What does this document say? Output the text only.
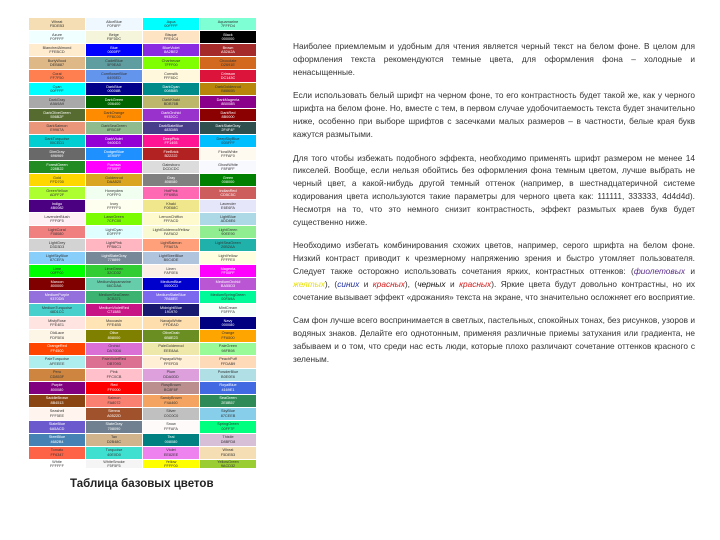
Wheat
F5DEB3
AliceBlue
F0F8FF
Aqua
00FFFF
Aquamarine
7FFFD4
Azure
F0FFFF
Beige
F5F5DC
Bisque
FFE4C4
Black
000000
BlanchedAlmond
FFEBCD
Blue
0000FF
BlueViolet
8A2BE2
Brown
A52A2A
BurlyWood
DEB887
CadetBlue
5F9EA0
Chartreuse
7FFF00
Chocolate
D2691E
Coral
FF7F50
CornflowerBlue
6495ED
Cornsilk
FFF8DC
Crimson
DC143C
Cyan
00FFFF
DarkBlue
00008B
DarkCyan
008B8B
DarkGoldenrod
B8860B
DarkGray
A9A9A9
DarkGreen
006400
DarkKhaki
BDB76B
DarkMagenta
8B008B
DarkOliveGreen
556B2F
DarkOrange
FF8C00
DarkOrchid
9932CC
DarkRed
8B0000
DarkSalmon
E9967A
DarkSeaGreen
8FBC8F
DarkSlateBlue
483D8B
DarkSlateGray
2F4F4F
DarkTurquoise
00CED1
DarkViolet
9400D3
DeepPink
FF1493
DeepSkyBlue
00BFFF
DimGray
696969
DodgerBlue
1E90FF
FireBrick
B22222
FloralWhite
FFFAF0
ForestGreen
228B22
Fuchsia
FF00FF
Gainsboro
DCDCDC
GhostWhite
F8F8FF
Gold
FFD700
Goldenrod
DAA520
Gray
808080
Green
008000
GreenYellow
ADFF2F
Honeydew
F0FFF0
HotPink
FF69B4
IndianRed
CD5C5C
Indigo
4B0082
Ivory
FFFFF0
Khaki
F0E68C
Lavender
E6E6FA
LavenderBlush
FFF0F5
LawnGreen
7CFC00
LemonChiffon
FFFACD
LightBlue
ADD8E6
LightCoral
F08080
LightCyan
E0FFFF
LightGoldenrodYellow
FAFAD2
LightGreen
90EE90
LightGrey
D3D3D3
LightPink
FFB6C1
LightSalmon
FFA07A
LightSeaGreen
20B2AA
LightSkyBlue
87CEFA
LightSlateGray
778899
LightSteelBlue
B0C4DE
LightYellow
FFFFE0
Lime
00FF00
LimeGreen
32CD32
Linen
FAF0E6
Magenta
FF00FF
Maroon
800000
MediumAquamarine
66CDAA
MediumBlue
0000CD
MediumOrchid
BA55D3
MediumPurple
9370DB
MediumSeaGreen
3CB371
MediumSlateBlue
7B68EE
MediumSpringGreen
00FA9A
MediumTurquoise
48D1CC
MediumVioletRed
C71585
MidnightBlue
191970
MintCream
F5FFFA
MistyRose
FFE4E1
Moccasin
FFE4B5
NavajoWhite
FFDEAD
Navy
000080
OldLace
FDF5E6
Olive
808000
OliveDrab
6B8E23
Orange
FFA500
OrangeRed
FF4500
Orchid
DA70D6
PaleGoldenrod
EEE8AA
PaleGreen
98FB98
PaleTurquoise
AFEEEE
PaleVioletRed
DB7093
PapayaWhip
FFEFD5
PeachPuff
FFDAB9
Peru
CD853F
Pink
FFC0CB
Plum
DDA0DD
PowderBlue
B0E0E6
Purple
800080
Red
FF0000
RosyBrown
BC8F8F
RoyalBlue
4169E1
SaddleBrown
8B4513
Salmon
FA8072
SandyBrown
F4A460
SeaGreen
2E8B57
Seashell
FFF5EE
Sienna
A0522D
Silver
C0C0C0
SkyBlue
87CEEB
SlateBlue
6A5ACD
SlateGray
708090
Snow
FFFAFA
SpringGreen
00FF7F
SteelBlue
4682B4
Tan
D2B48C
Teal
008080
Thistle
D8BFD8
Tomato
FF6347
Turquoise
40E0D0
Violet
EE82EE
Wheat
F5DEB3
White
FFFFFF
WhiteSmoke
F5F5F5
Yellow
FFFF00
YellowGreen
9ACD32
Таблица базовых цветов

Наиболее приемлемым и удобным для чтения является черный текст на белом фоне. В целом для оформления текста рекомендуются темные цвета, для оформления фона – холодные и ненасыщенные.

Если использовать белый шрифт на черном фоне, то его контрастность будет такой же, как у черного шрифта на белом фоне. Но, вместе с тем, в первом случае удобочитаемость текста будет значительно ниже, особенно при выборе шрифтов с засечками малых размеров – в частности, белые края букв кажутся размытыми.

Для того чтобы избежать подобного эффекта, необходимо применять шрифт размером не менее 14 пикселей. Вообще, если нельзя обойтись без оформления фона темным цветом, лучше выбрать не черный цвет, а какой-нибудь другой темный оттенок (например, в шестнадцатеричной системе кодирования цвета используются такие параметры для черного цвета как: 111111, 333333, 4d4d4d). Несмотря на то, что это немного снизит контрастность, эффект размытых краев букв будет существенно ниже.

Необходимо избегать комбинирования схожих цветов, например, серого шрифта на белом фоне. Низкий контраст приводит к чрезмерному напряжению зрения и быстро утомляет пользователя. Следует также осторожно использовать сочетания ярких, контрастных оттенков: (фиолетовых и желтых), (синих и красных), (черных и красных). Яркие цвета будут довольно контрастны, но их сочетание вызывает эффект «дрожания» текста на экране, что значительно осложняет его восприятие.

Сам фон лучше всего воспринимается в светлых, пастельных, спокойных тонах, без рисунков, узоров и водяных знаков. Делайте его однотонным, применяя различные приемы затухания или градиента, не забываем и о том, что среди нас есть люди, которые плохо различают сочетание оттенков красного с зеленым.
